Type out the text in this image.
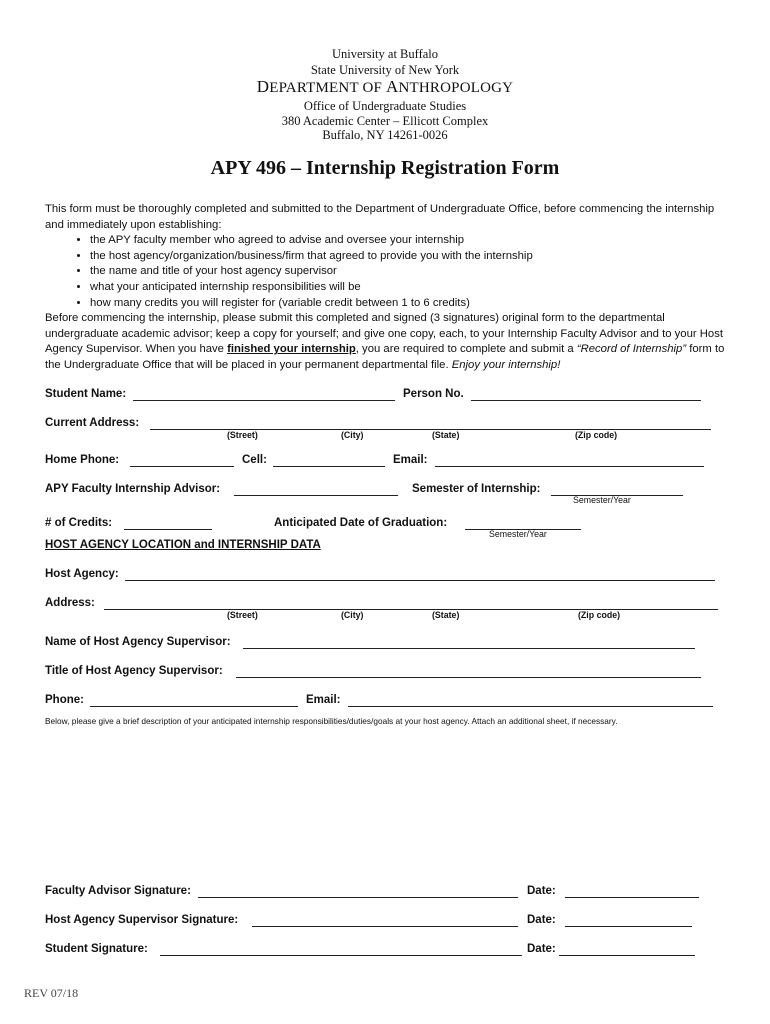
University at Buffalo
State University of New York
DEPARTMENT OF ANTHROPOLOGY
Office of Undergraduate Studies
380 Academic Center – Ellicott Complex
Buffalo, NY 14261-0026
APY 496 – Internship Registration Form
This form must be thoroughly completed and submitted to the Department of Undergraduate Office, before commencing the internship and immediately upon establishing:
• the APY faculty member who agreed to advise and oversee your internship
• the host agency/organization/business/firm that agreed to provide you with the internship
• the name and title of your host agency supervisor
• what your anticipated internship responsibilities will be
• how many credits you will register for (variable credit between 1 to 6 credits)
Before commencing the internship, please submit this completed and signed (3 signatures) original form to the departmental undergraduate academic advisor; keep a copy for yourself; and give one copy, each, to your Internship Faculty Advisor and to your Host Agency Supervisor. When you have finished your internship, you are required to complete and submit a “Record of Internship” form to the Undergraduate Office that will be placed in your permanent departmental file. Enjoy your internship!
Student Name:	Person No.
Current Address:
(Street)	(City)	(State)	(Zip code)
Home Phone:	Cell:	Email:
APY Faculty Internship Advisor:	Semester of Internship:
Semester/Year
# of Credits:	Anticipated Date of Graduation:
Semester/Year
HOST AGENCY LOCATION and INTERNSHIP DATA
Host Agency:
Address:
(Street)	(City)	(State)	(Zip code)
Name of Host Agency Supervisor:
Title of Host Agency Supervisor:
Phone:	Email:
Below, please give a brief description of your anticipated internship responsibilities/duties/goals at your host agency. Attach an additional sheet, if necessary.
Faculty Advisor Signature:	Date:
Host Agency Supervisor Signature:	Date:
Student Signature:	Date:
REV 07/18
